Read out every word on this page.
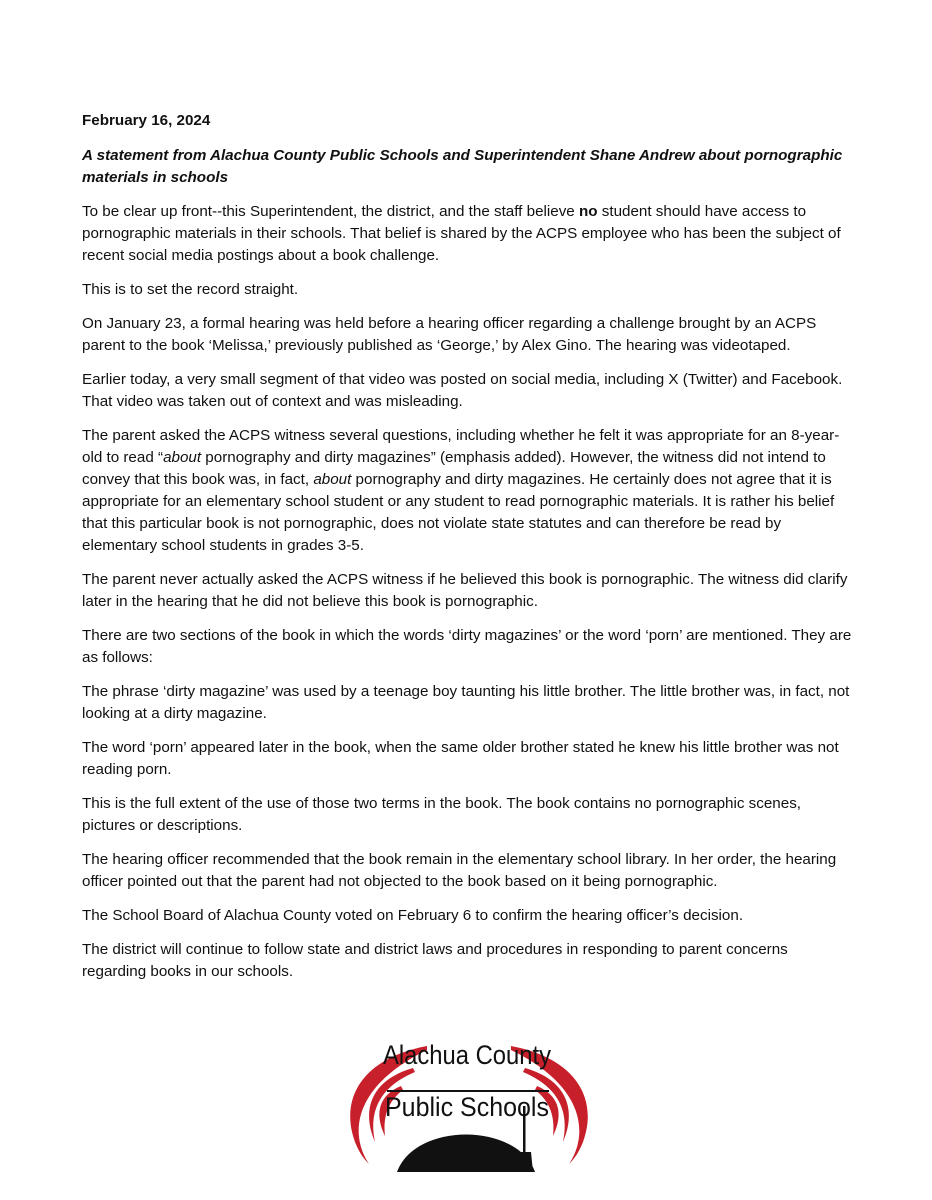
February 16, 2024

A statement from Alachua County Public Schools and Superintendent Shane Andrew about pornographic materials in schools

To be clear up front--this Superintendent, the district, and the staff believe no student should have access to pornographic materials in their schools. That belief is shared by the ACPS employee who has been the subject of recent social media postings about a book challenge.

This is to set the record straight.

On January 23, a formal hearing was held before a hearing officer regarding a challenge brought by an ACPS parent to the book ‘Melissa,’ previously published as ‘George,’ by Alex Gino. The hearing was videotaped.

Earlier today, a very small segment of that video was posted on social media, including X (Twitter) and Facebook. That video was taken out of context and was misleading.

The parent asked the ACPS witness several questions, including whether he felt it was appropriate for an 8-year-old to read “about pornography and dirty magazines” (emphasis added). However, the witness did not intend to convey that this book was, in fact, about pornography and dirty magazines. He certainly does not agree that it is appropriate for an elementary school student or any student to read pornographic materials. It is rather his belief that this particular book is not pornographic, does not violate state statutes and can therefore be read by elementary school students in grades 3-5.

The parent never actually asked the ACPS witness if he believed this book is pornographic. The witness did clarify later in the hearing that he did not believe this book is pornographic.

There are two sections of the book in which the words ‘dirty magazines’ or the word ‘porn’ are mentioned. They are as follows:

The phrase ‘dirty magazine’ was used by a teenage boy taunting his little brother. The little brother was, in fact, not looking at a dirty magazine.

The word ‘porn’ appeared later in the book, when the same older brother stated he knew his little brother was not reading porn.

This is the full extent of the use of those two terms in the book. The book contains no pornographic scenes, pictures or descriptions.

The hearing officer recommended that the book remain in the elementary school library. In her order, the hearing officer pointed out that the parent had not objected to the book based on it being pornographic.

The School Board of Alachua County voted on February 6 to confirm the hearing officer’s decision.

The district will continue to follow state and district laws and procedures in responding to parent concerns regarding books in our schools.

Alachua County
Public Schools
